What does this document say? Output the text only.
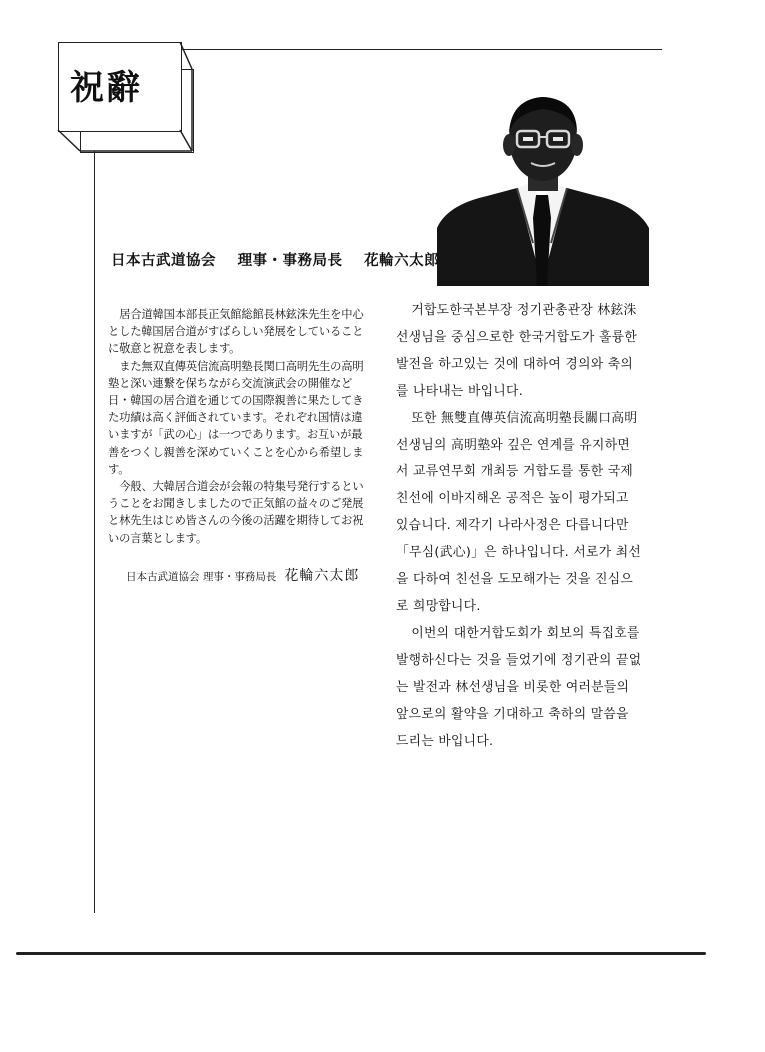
祝辭
日本古武道協会 理事・事務局長 花輪六太郎

居合道韓国本部長正気館総館長林鉉洙先生を中心とした韓国居合道がすばらしい発展をしていることに敬意と祝意を表します。

また無双直傳英信流高明塾長関口高明先生の高明塾と深い連繋を保ちながら交流演武会の開催など日・韓国の居合道を通じての国際親善に果たしてきた功績は高く評価されています。それぞれ国情は違いますが「武の心」は一つであります。お互いが最善をつくし親善を深めていくことを心から希望します。

今般、大韓居合道会が会報の特集号発行するということをお聞きしましたので正気館の益々のご発展と林先生はじめ皆さんの今後の活躍を期待してお祝いの言葉とします。

日本古武道協会 理事・事務局長 花輪六太郎

거합도한국본부장 정기관총관장 林鉉洙 선생님을 중심으로한 한국거합도가 훌륭한 발전을 하고있는 것에 대하여 경의와 축의를 나타내는 바입니다.

또한 無雙直傳英信流高明塾長關口高明 선생님의 高明塾와 깊은 연계를 유지하면서 교류연무회 개최등 거합도를 통한 국제친선에 이바지해온 공적은 높이 평가되고 있습니다. 제각기 나라사정은 다릅니다만「무심(武心)」은 하나입니다. 서로가 최선을 다하여 친선을 도모해가는 것을 진심으로 희망합니다.

이번의 대한거합도회가 회보의 특집호를 발행하신다는 것을 들었기에 정기관의 끝없는 발전과 林선생님을 비롯한 여러분들의 앞으로의 활약을 기대하고 축하의 말씀을 드리는 바입니다.
